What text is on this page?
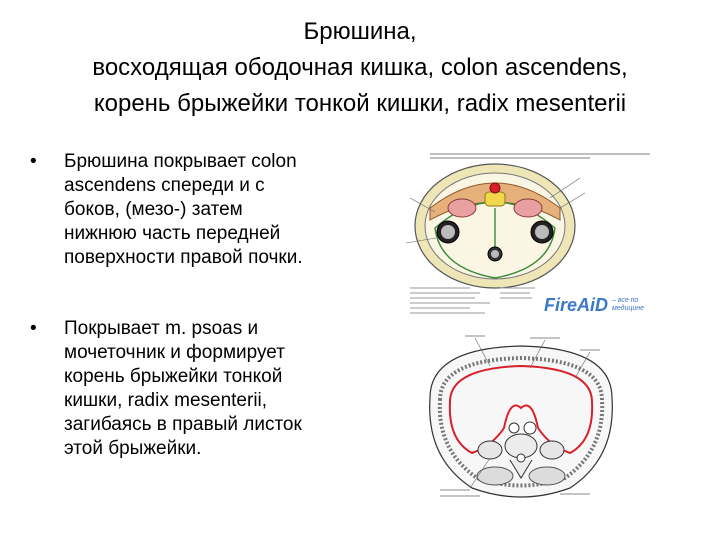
Брюшина,
восходящая ободочная кишка, colon ascendens,
корень брыжейки тонкой кишки, radix mesenterii
• Брюшина покрывает colon
ascendens спереди и с
боков, (мезо-) затем
нижнюю часть передней
поверхности правой почки.
• Покрывает m. psoas и
мочеточник и формирует
корень брыжейки тонкой
кишки, radix mesenterii,
загибаясь в правый листок
этой брыжейки.
FireAiD – все по
медицине
